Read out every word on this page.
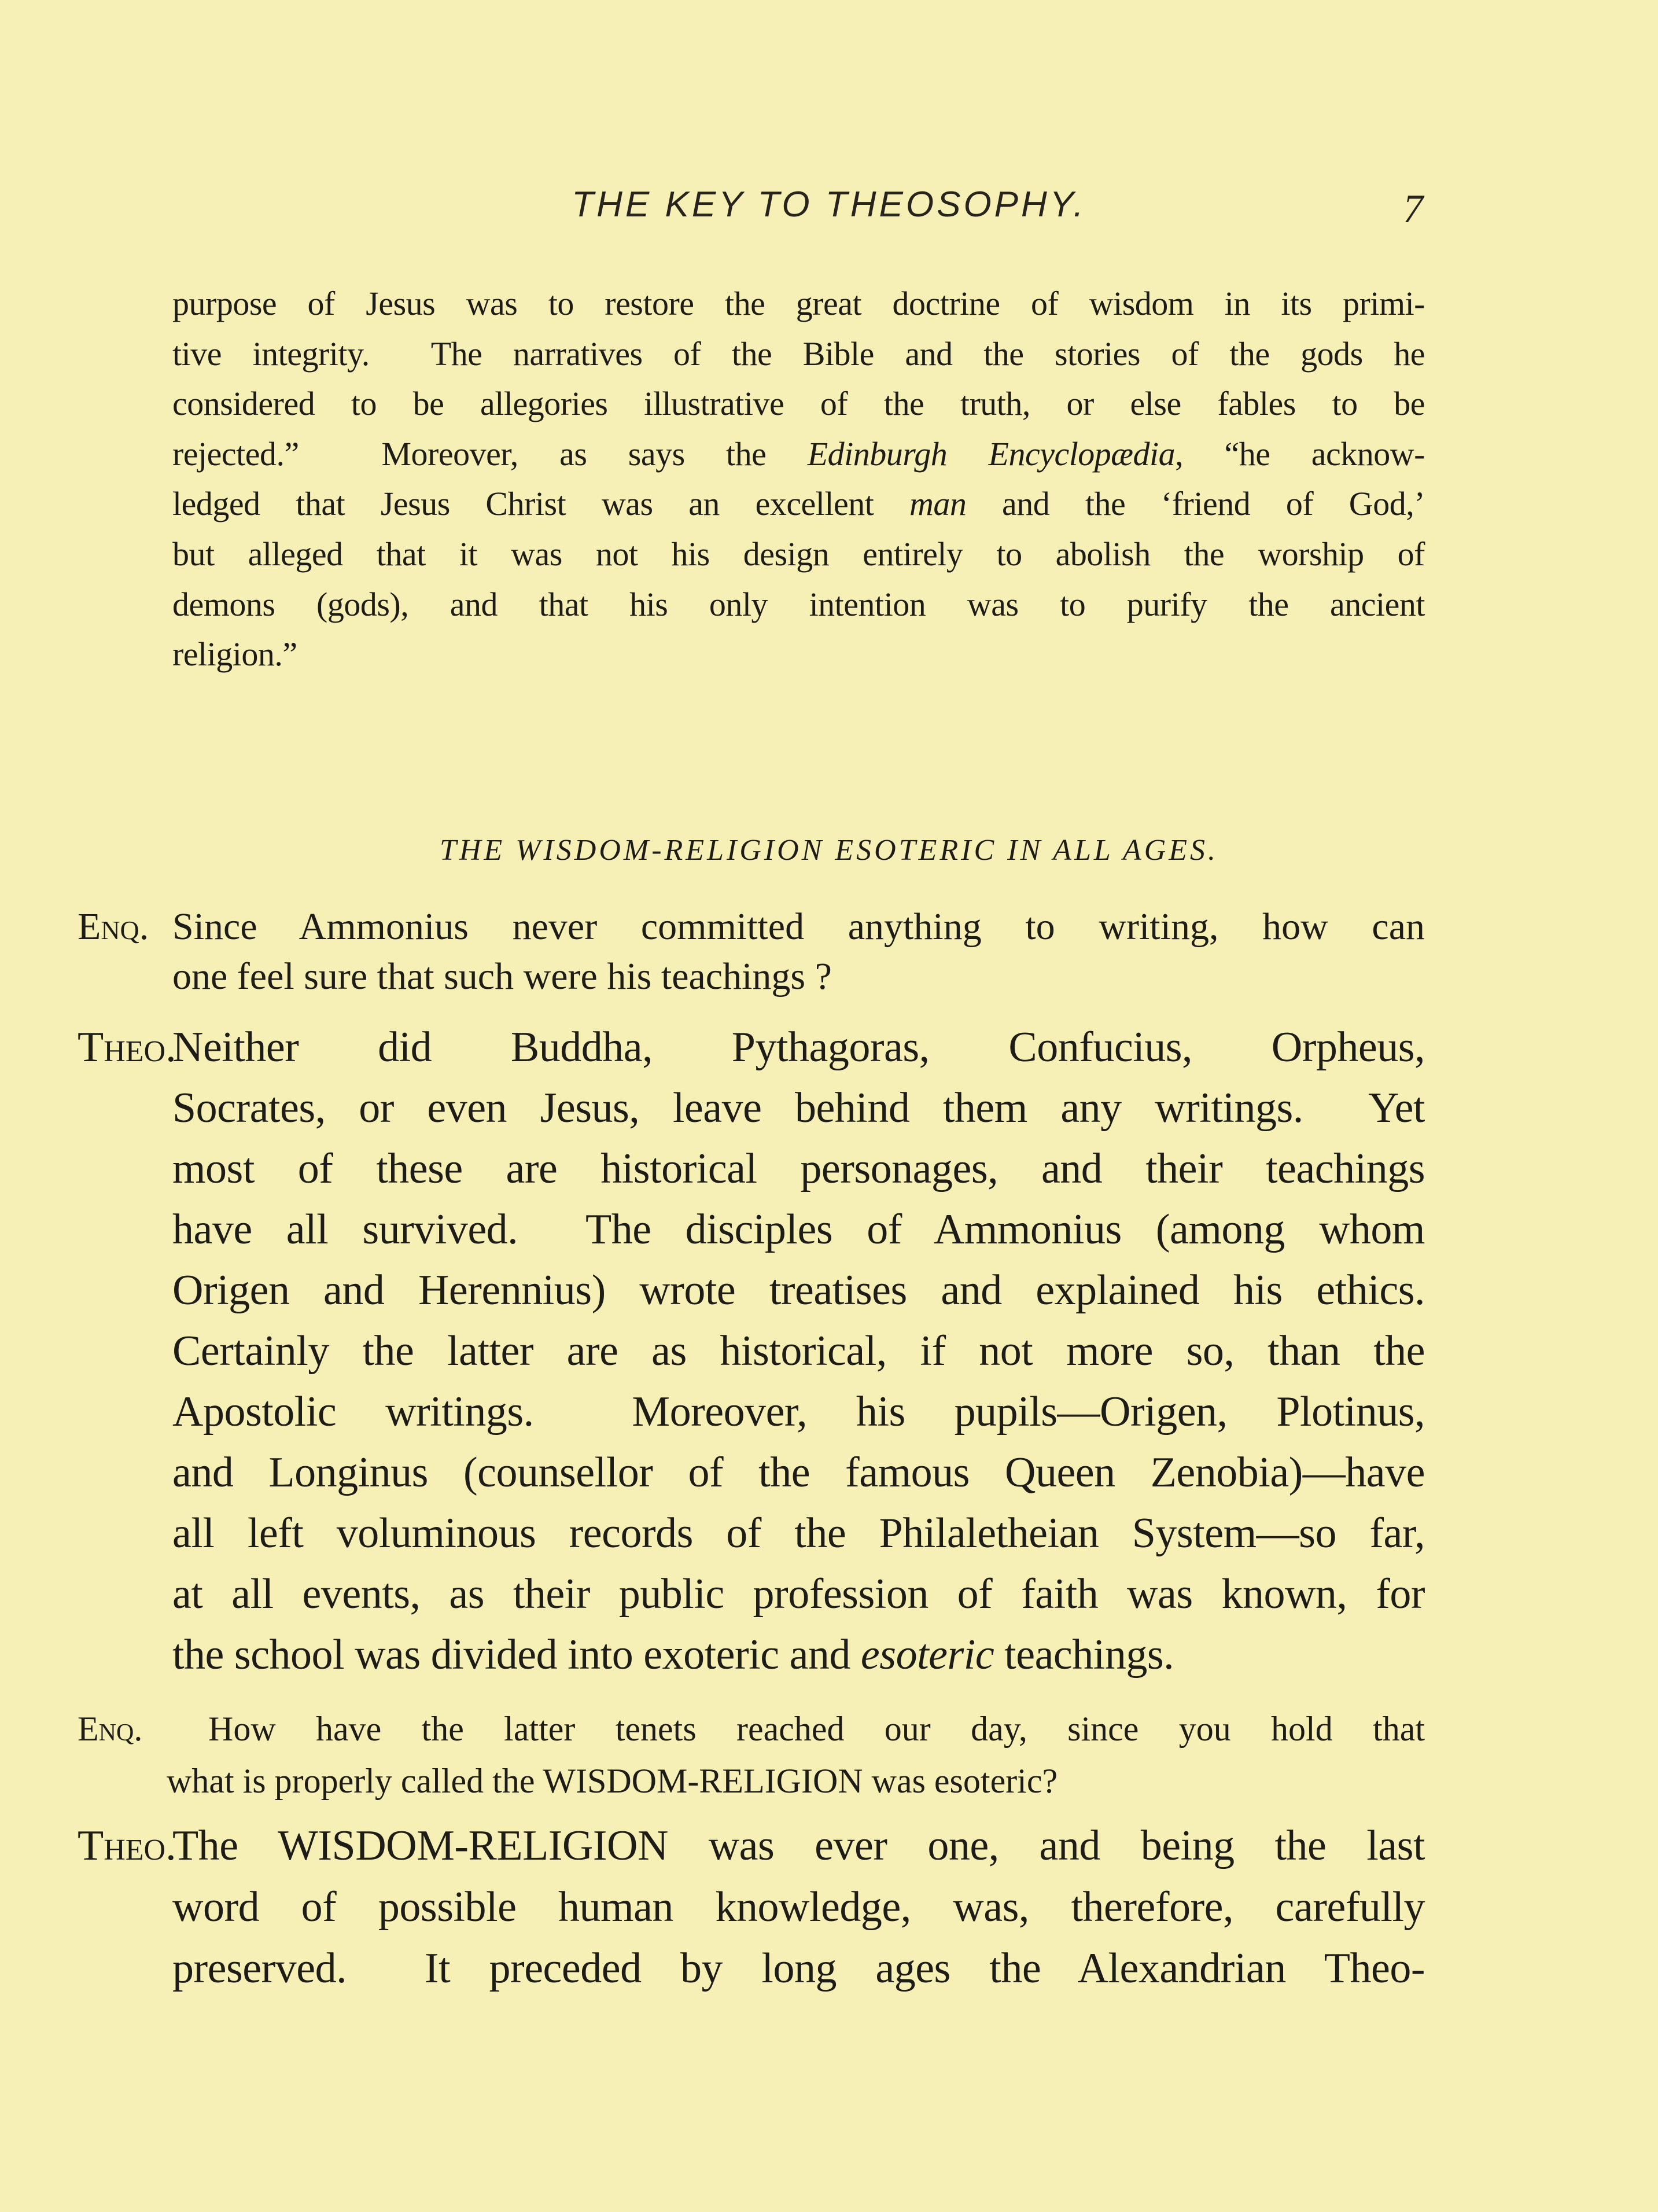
THE KEY TO THEOSOPHY.	7
purpose of Jesus was to restore the great doctrine of wisdom in its primi-
tive integrity.  The narratives of the Bible and the stories of the gods he
considered to be allegories illustrative of the truth, or else fables to be
rejected.”  Moreover, as says the Edinburgh Encyclopædia, “he acknow-
ledged that Jesus Christ was an excellent man and the ‘friend of God,’
but alleged that it was not his design entirely to abolish the worship of
demons (gods), and that his only intention was to purify the ancient
religion.”
THE WISDOM-RELIGION ESOTERIC IN ALL AGES.
Enq. Since Ammonius never committed anything to writing, how can
one feel sure that such were his teachings ?
Theo.
Neither did Buddha, Pythagoras, Confucius, Orpheus,
Socrates, or even Jesus, leave behind them any writings.  Yet
most of these are historical personages, and their teachings
have all survived.  The disciples of Ammonius (among whom
Origen and Herennius) wrote treatises and explained his ethics.
Certainly the latter are as historical, if not more so, than the
Apostolic writings.  Moreover, his pupils—Origen, Plotinus,
and Longinus (counsellor of the famous Queen Zenobia)—have
all left voluminous records of the Philaletheian System—so far,
at all events, as their public profession of faith was known, for
the school was divided into exoteric and esoteric teachings.
Enq.	How have the latter tenets reached our day, since you hold that
what is properly called the WISDOM-RELIGION was esoteric?
Theo.
The WISDOM-RELIGION was ever one, and being the last
word of possible human knowledge, was, therefore, carefully
preserved.  It preceded by long ages the Alexandrian Theo-
